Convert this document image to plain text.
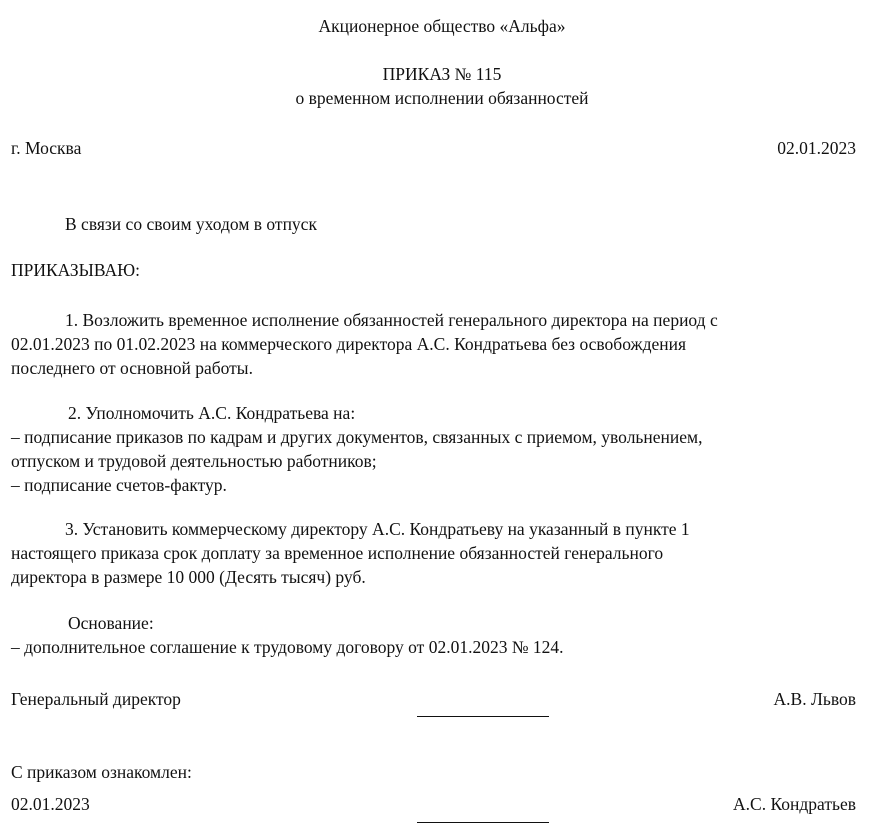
Акционерное общество «Альфа»
ПРИКАЗ № 115
о временном исполнении обязанностей
г. Москва	02.01.2023
В связи со своим уходом в отпуск
ПРИКАЗЫВАЮ:
1. Возложить временное исполнение обязанностей генерального директора на период с
02.01.2023 по 01.02.2023 на коммерческого директора А.С. Кондратьева без освобождения
последнего от основной работы.
2. Уполномочить А.С. Кондратьева на:
– подписание приказов по кадрам и других документов, связанных с приемом, увольнением,
отпуском и трудовой деятельностью работников;
– подписание счетов-фактур.
3. Установить коммерческому директору А.С. Кондратьеву на указанный в пункте 1
настоящего приказа срок доплату за временное исполнение обязанностей генерального
директора в размере 10 000 (Десять тысяч) руб.
Основание:
– дополнительное соглашение к трудовому договору от 02.01.2023 № 124.
Генеральный директор	А.В. Львов
С приказом ознакомлен:
02.01.2023	А.С. Кондратьев
